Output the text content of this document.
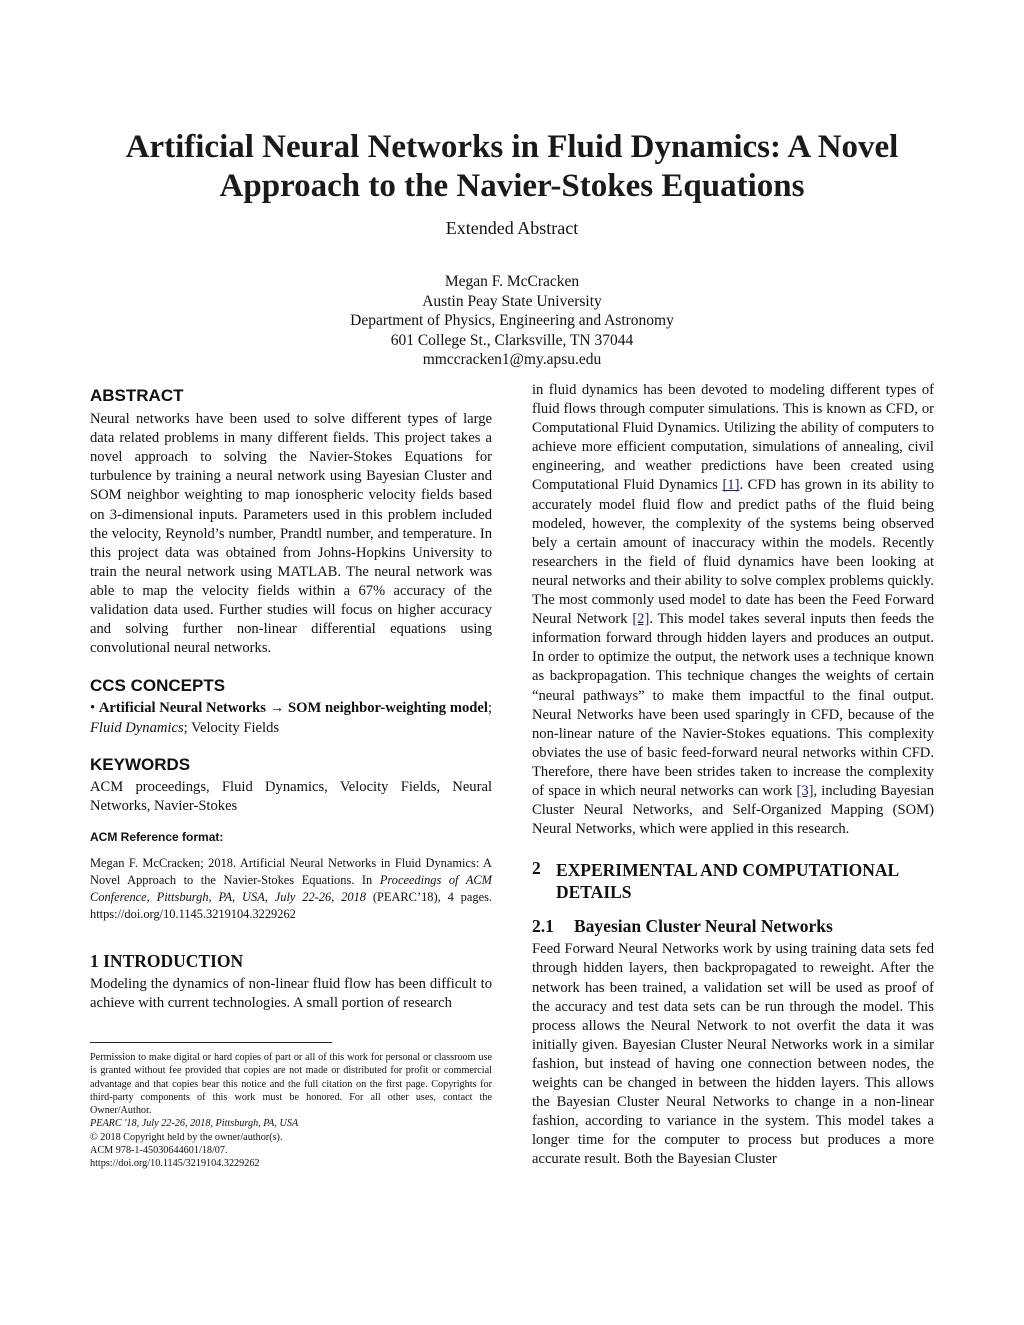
Artificial Neural Networks in Fluid Dynamics: A Novel
Approach to the Navier-Stokes Equations
Extended Abstract
Megan F. McCracken
Austin Peay State University
Department of Physics, Engineering and Astronomy
601 College St., Clarksville, TN 37044
mmccracken1@my.apsu.edu
ABSTRACT

Neural networks have been used to solve different types of large data related problems in many different fields. This project takes a novel approach to solving the Navier-Stokes Equations for turbulence by training a neural network using Bayesian Cluster and SOM neighbor weighting to map ionospheric velocity fields based on 3-dimensional inputs. Parameters used in this problem included the velocity, Reynold’s number, Prandtl number, and temperature. In this project data was obtained from Johns-Hopkins University to train the neural network using MATLAB. The neural network was able to map the velocity fields within a 67% accuracy of the validation data used. Further studies will focus on higher accuracy and solving further non-linear differential equations using convolutional neural networks.

CCS CONCEPTS

• Artificial Neural Networks → SOM neighbor-weighting model; Fluid Dynamics; Velocity Fields

KEYWORDS

ACM proceedings, Fluid Dynamics, Velocity Fields, Neural Networks, Navier-Stokes

ACM Reference format:

Megan F. McCracken; 2018. Artificial Neural Networks in Fluid Dynamics: A Novel Approach to the Navier-Stokes Equations. In Proceedings of ACM Conference, Pittsburgh, PA, USA, July 22-26, 2018 (PEARC’18), 4 pages. https://doi.org/10.1145.3219104.3229262

1 INTRODUCTION

Modeling the dynamics of non-linear fluid flow has been difficult to achieve with current technologies. A small portion of research

Permission to make digital or hard copies of part or all of this work for personal or classroom use is granted without fee provided that copies are not made or distributed for profit or commercial advantage and that copies bear this notice and the full citation on the first page. Copyrights for third-party components of this work must be honored. For all other uses, contact the Owner/Author.

PEARC '18, July 22-26, 2018, Pittsburgh, PA, USA

© 2018 Copyright held by the owner/author(s).

ACM 978-1-45030644601/18/07.

https://doi.org/10.1145/3219104.3229262

in fluid dynamics has been devoted to modeling different types of fluid flows through computer simulations. This is known as CFD, or Computational Fluid Dynamics. Utilizing the ability of computers to achieve more efficient computation, simulations of annealing, civil engineering, and weather predictions have been created using Computational Fluid Dynamics [1]. CFD has grown in its ability to accurately model fluid flow and predict paths of the fluid being modeled, however, the complexity of the systems being observed bely a certain amount of inaccuracy within the models. Recently researchers in the field of fluid dynamics have been looking at neural networks and their ability to solve complex problems quickly. The most commonly used model to date has been the Feed Forward Neural Network [2]. This model takes several inputs then feeds the information forward through hidden layers and produces an output. In order to optimize the output, the network uses a technique known as backpropagation. This technique changes the weights of certain “neural pathways” to make them impactful to the final output. Neural Networks have been used sparingly in CFD, because of the non-linear nature of the Navier-Stokes equations. This complexity obviates the use of basic feed-forward neural networks within CFD. Therefore, there have been strides taken to increase the complexity of space in which neural networks can work [3], including Bayesian Cluster Neural Networks, and Self-Organized Mapping (SOM) Neural Networks, which were applied in this research.

2 EXPERIMENTAL AND COMPUTATIONAL
DETAILS
2.1	Bayesian Cluster Neural Networks

Feed Forward Neural Networks work by using training data sets fed through hidden layers, then backpropagated to reweight. After the network has been trained, a validation set will be used as proof of the accuracy and test data sets can be run through the model. This process allows the Neural Network to not overfit the data it was initially given. Bayesian Cluster Neural Networks work in a similar fashion, but instead of having one connection between nodes, the weights can be changed in between the hidden layers. This allows the Bayesian Cluster Neural Networks to change in a non-linear fashion, according to variance in the system. This model takes a longer time for the computer to process but produces a more accurate result. Both the Bayesian Cluster
